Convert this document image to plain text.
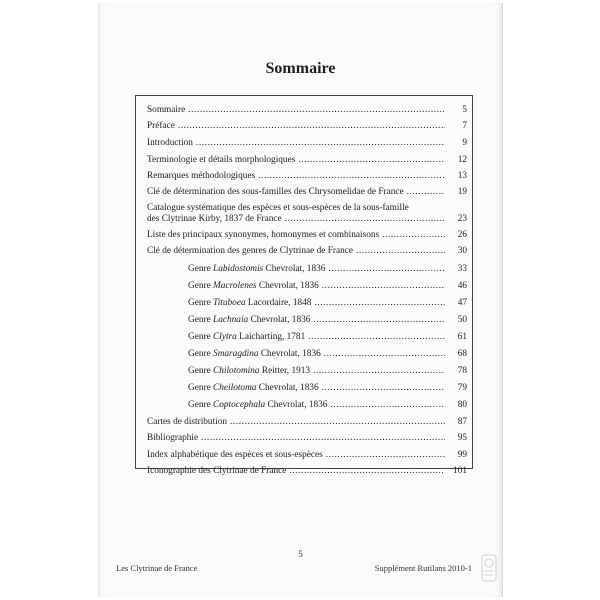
Sommaire
Sommaire .....	5
Préface .....	7
Introduction .....	9
Terminologie et détails morphologiques .....	12
Remarques méthodologiques .....	13
Clé de détermination des sous-familles des Chrysomelidae de France .....	19
Catalogue systématique des espèces et sous-espèces de la sous-famille
des Clytrinae Kirby, 1837 de France .....	23
Liste des principaux synonymes, homonymes et combinaisons .....	26
Clé de détermination des genres de Clytrinae de France .....	30
Genre Labidostomis Chevrolat, 1836 .....	33
Genre Macrolenes Chevrolat, 1836 .....	46
Genre Tituboea Lacordaire, 1848 .....	47
Genre Lachnaia Chevrolat, 1836 .....	50
Genre Clytra Laicharting, 1781 .....	61
Genre Smaragdina Chevrolat, 1836 .....	68
Genre Chilotomina Reitter, 1913 .....	78
Genre Cheilotoma Chevrolat, 1836 .....	79
Genre Coptocephala Chevrolat, 1836 .....	80
Cartes de distribution .....	87
Bibliographie .....	95
Index alphabétique des espèces et sous-espèces .....	99
Iconographie des Clytrinae de France .....	101
5
Les Clytrinae de France	Supplément Rutilans 2010-1
